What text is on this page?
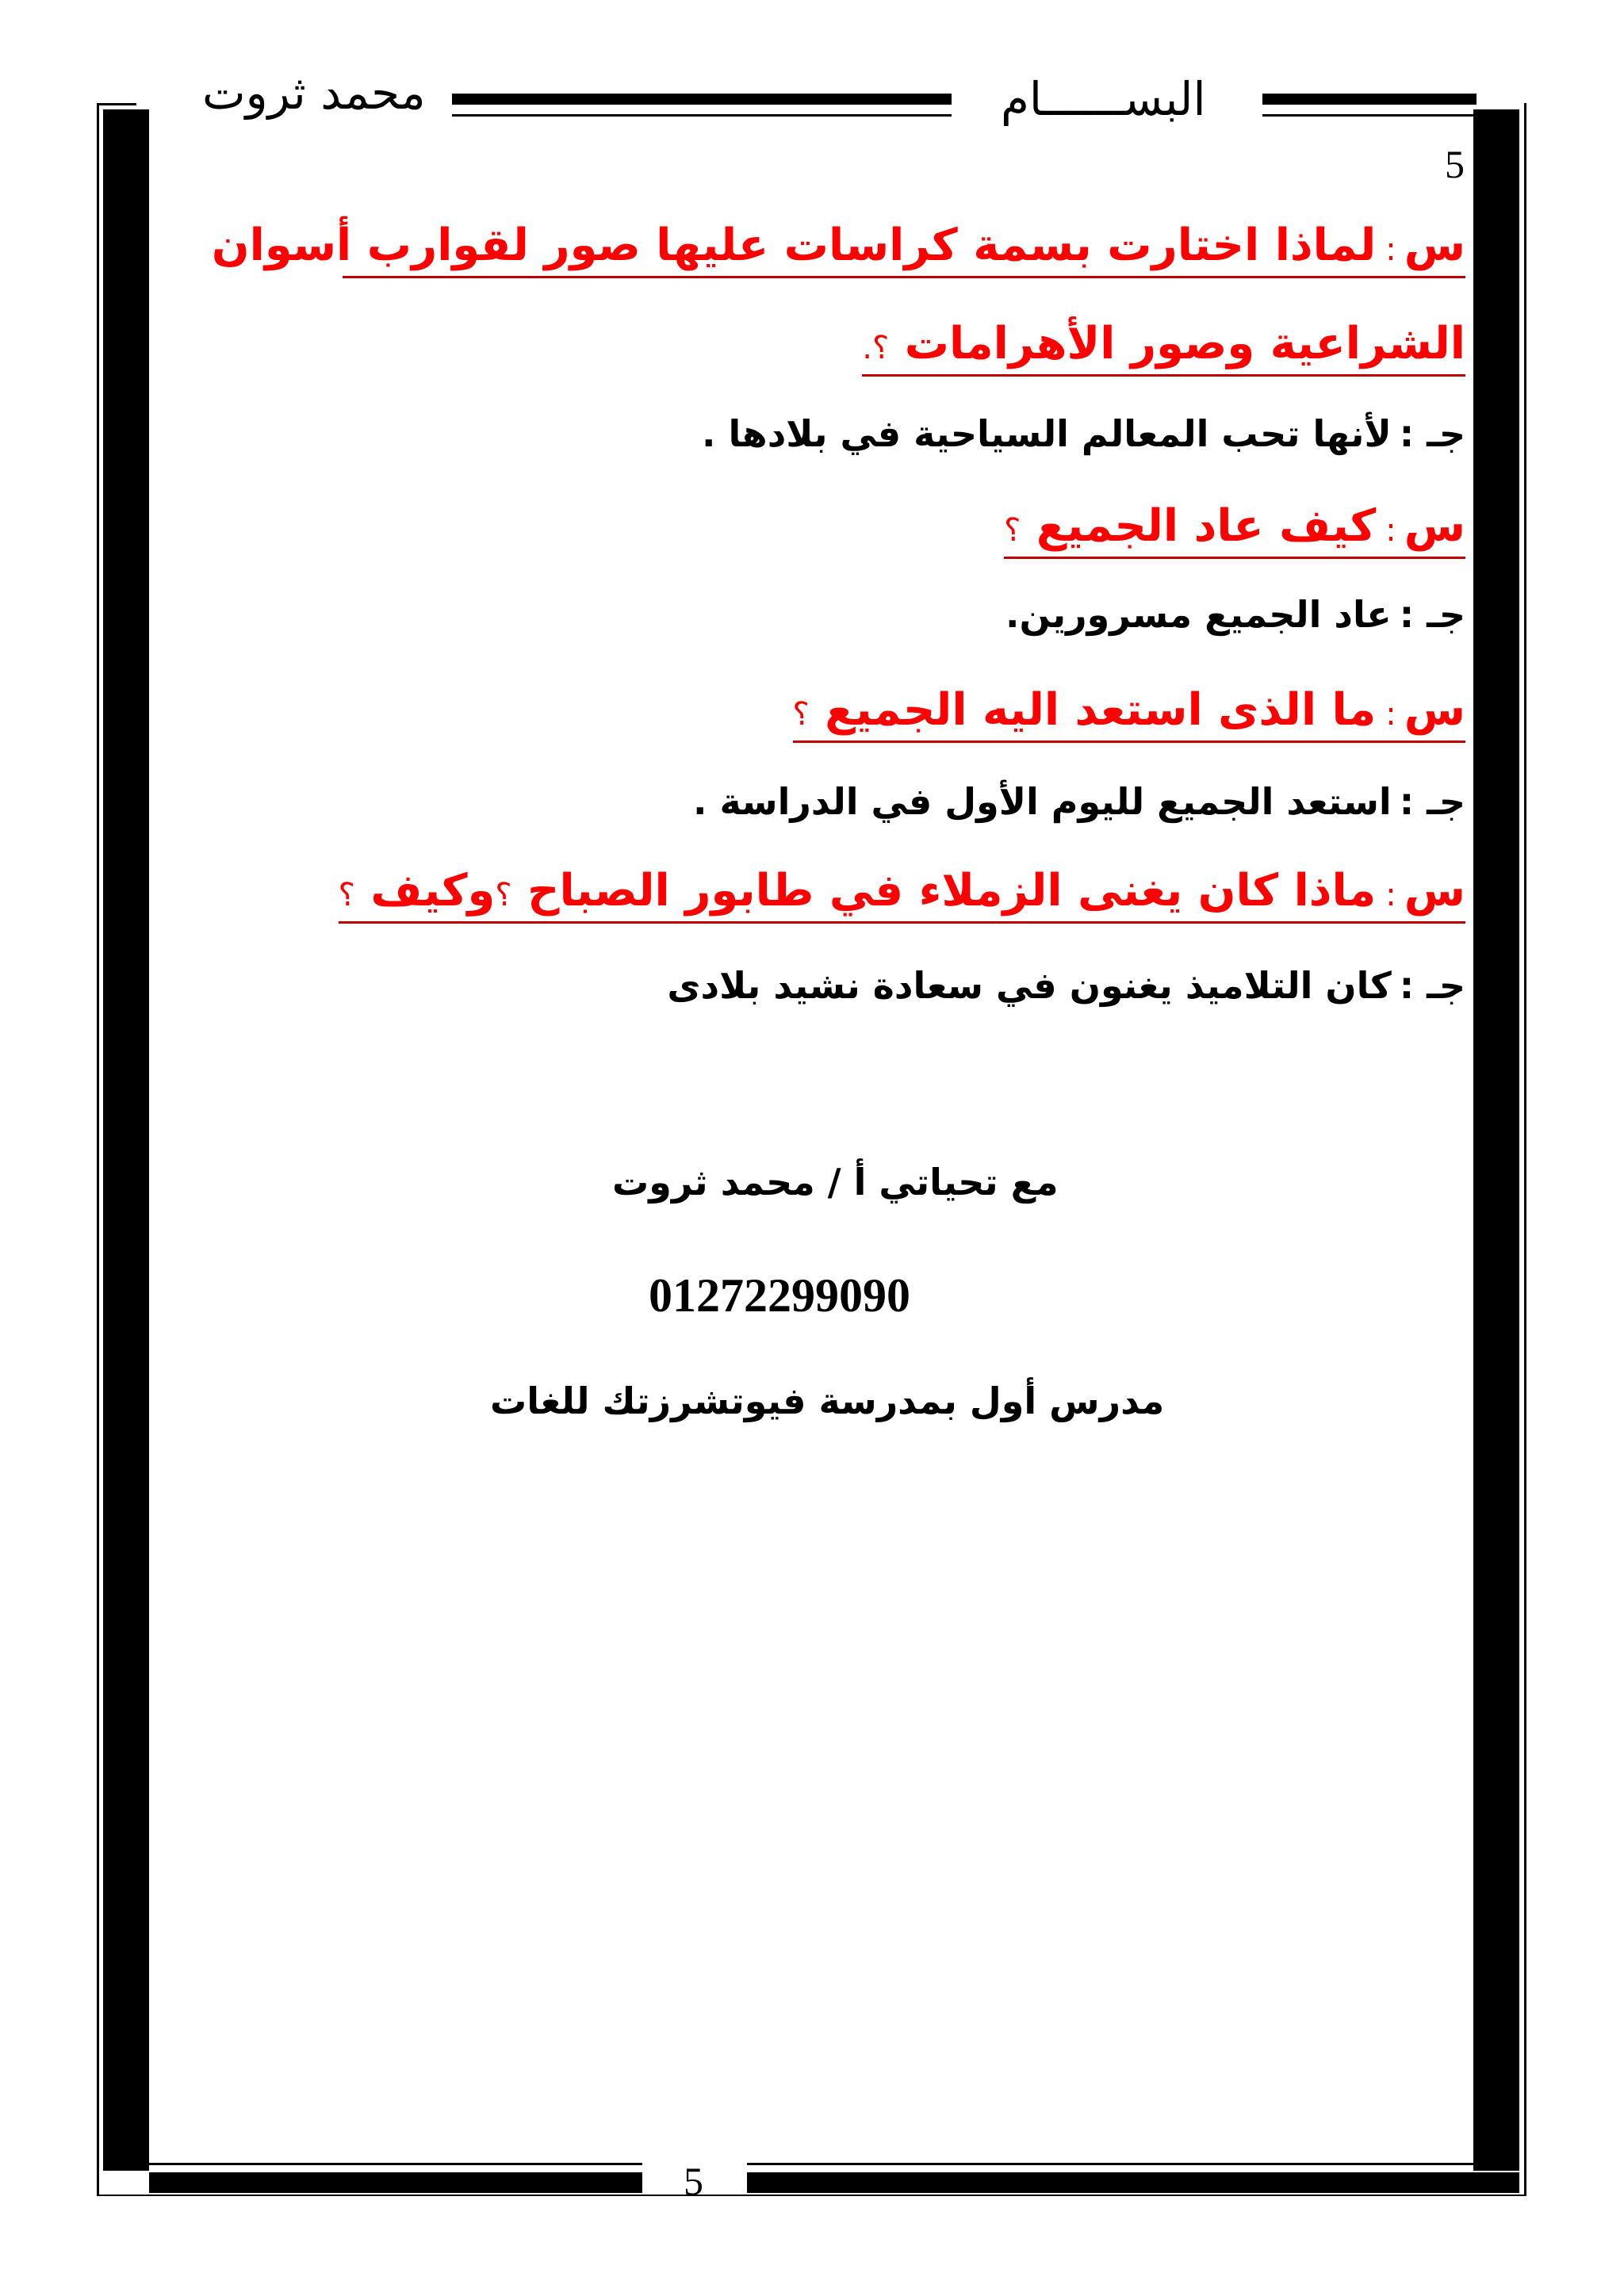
محمد ثروت	البســــــام
5
س:لماذا اختارت بسمة كراسات عليها صور لقوارب أسوان
الشراعية وصور الأهرامات ؟.
جـ :لأنها تحب المعالم السياحية في بلادها .
س:كيف عاد الجميع ؟
جـ :عاد الجميع مسرورين.
س:ما الذى استعد اليه الجميع ؟
جـ :استعد الجميع لليوم الأول في الدراسة .
س:ماذا كان يغنى الزملاء في طابور الصباح ؟وكيف ؟
جـ :كان التلاميذ يغنون في سعادة نشيد بلادى
مع تحياتي أ / محمد ثروت
01272299090
مدرس أول بمدرسة فيوتشرزتك للغات
5
